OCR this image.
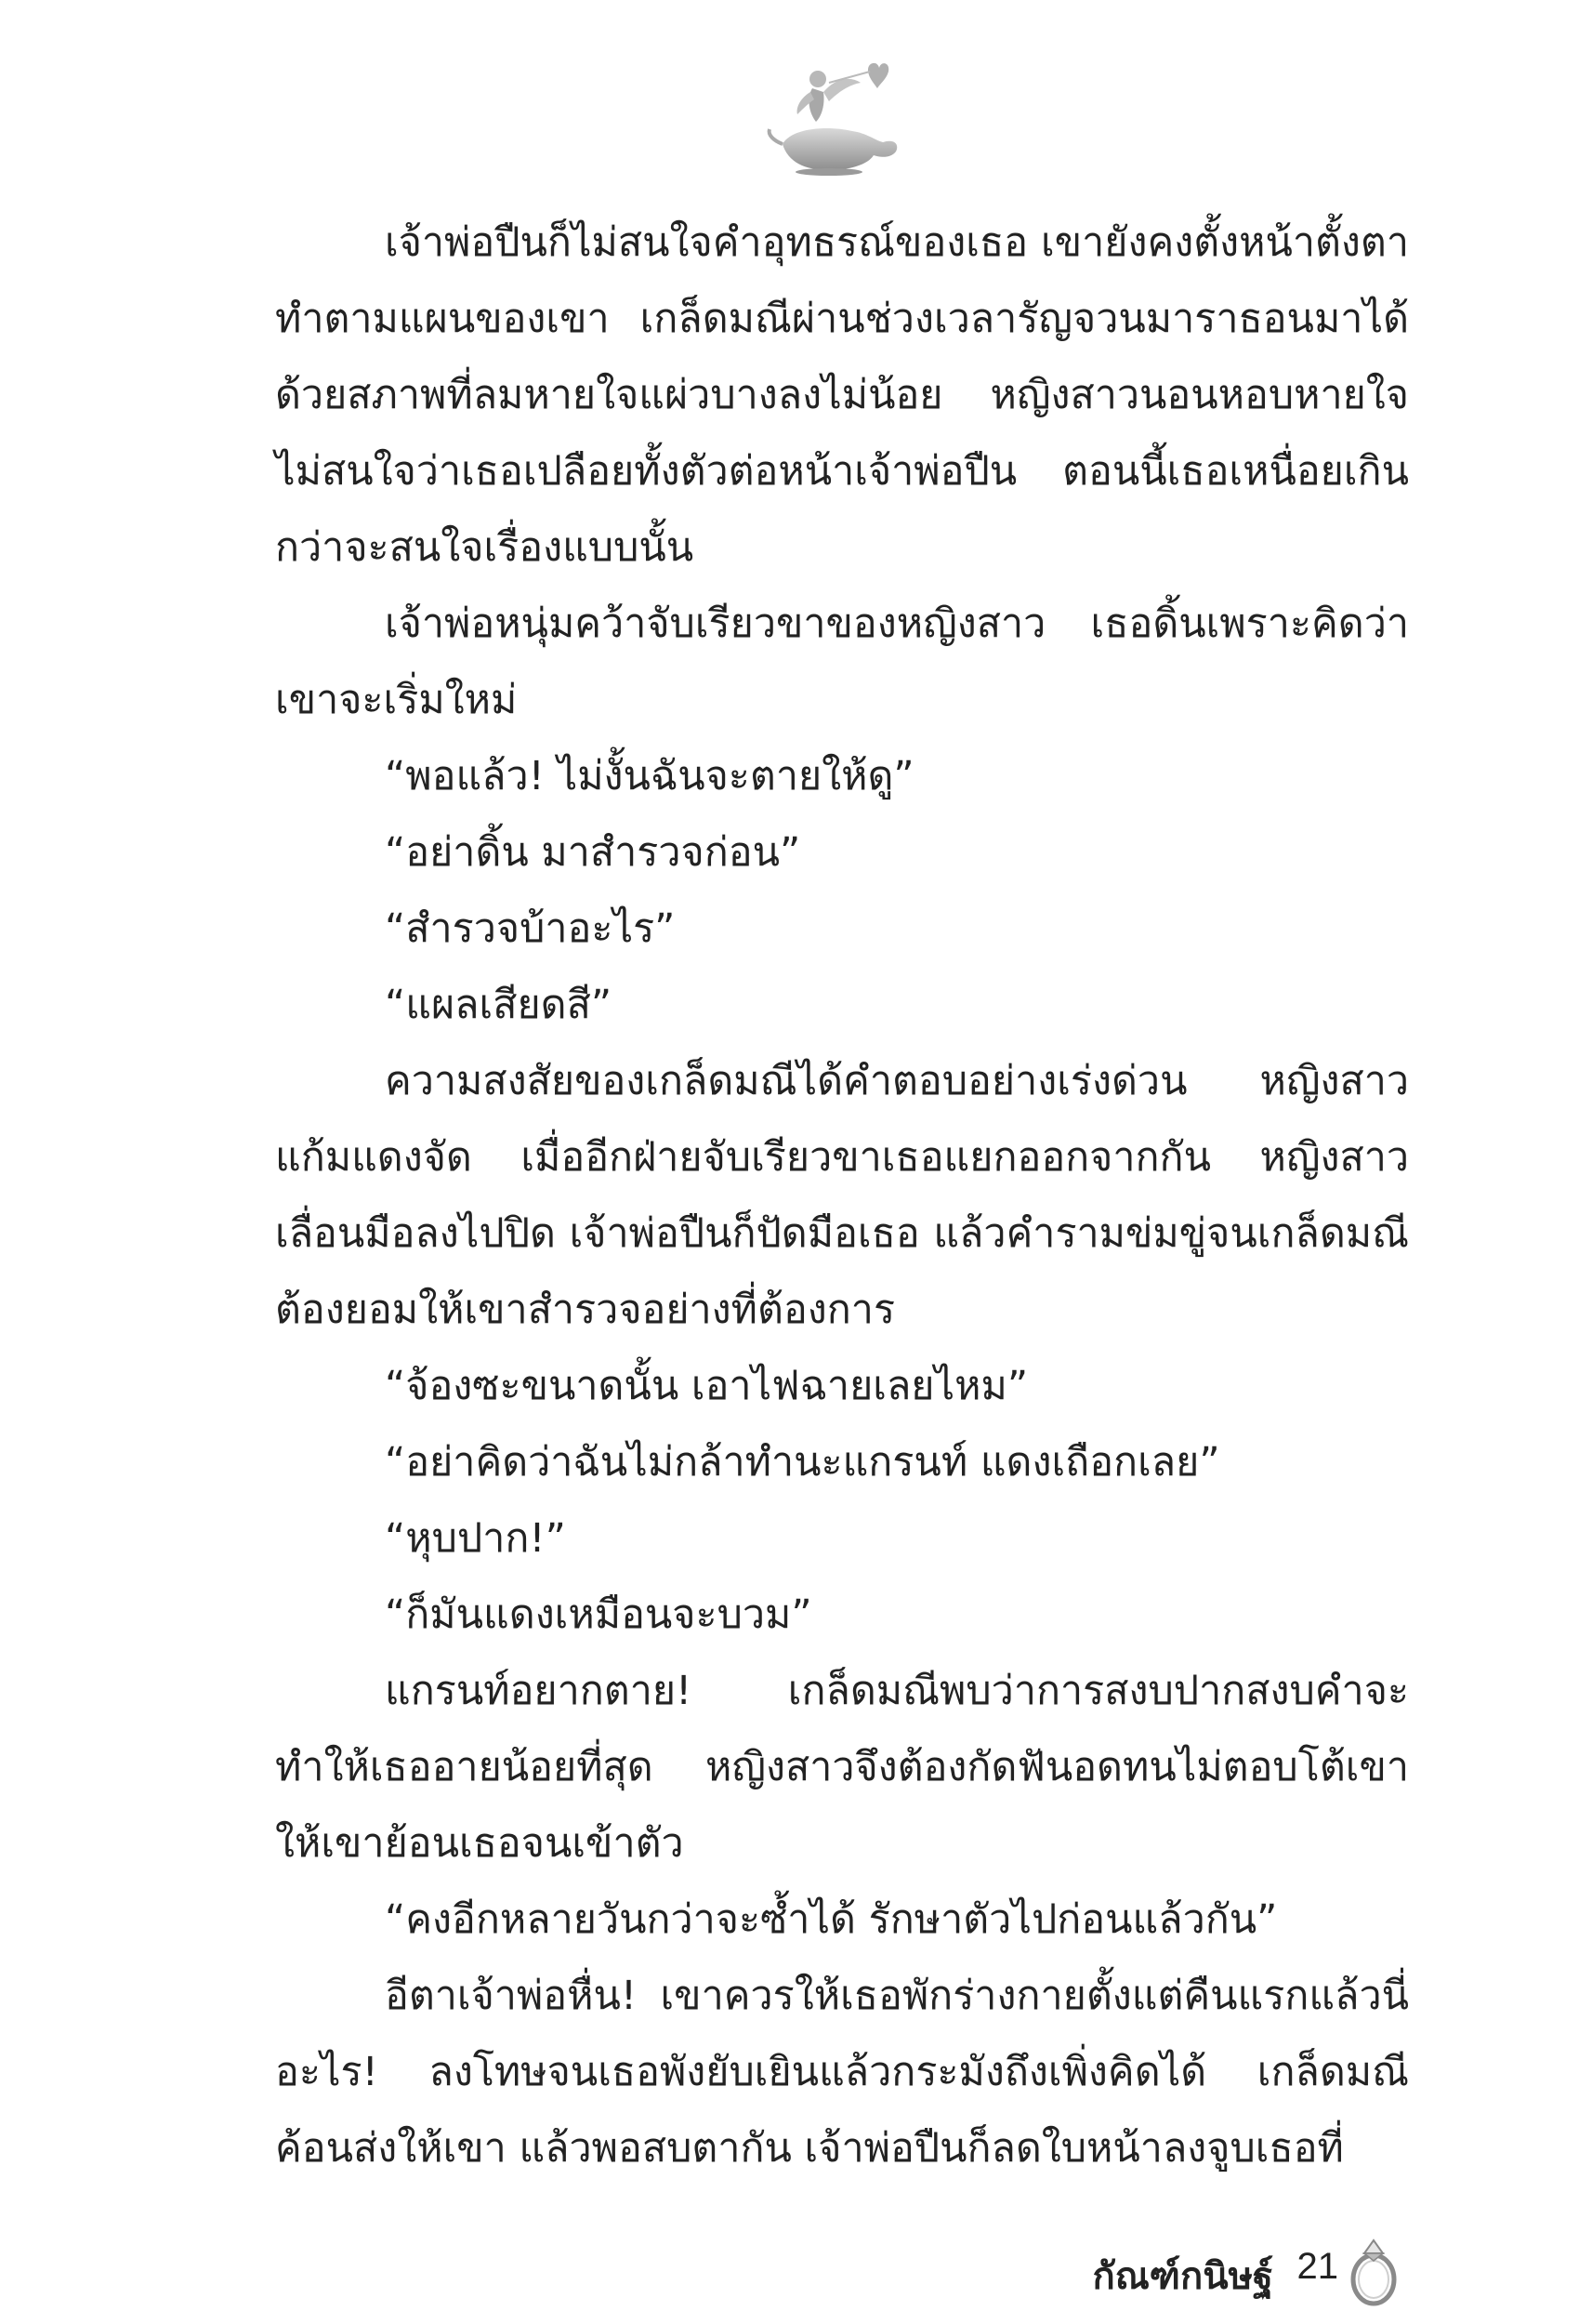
เจ้าพ่อปืนก็ไม่สนใจคำอุทธรณ์ของเธอ เขายังคงตั้งหน้าตั้งตาทำตามแผนของเขา เกล็ดมณีผ่านช่วงเวลารัญจวนมาราธอนมาได้ด้วยสภาพที่ลมหายใจแผ่วบางลงไม่น้อย หญิงสาวนอนหอบหายใจไม่สนใจว่าเธอเปลือยทั้งตัวต่อหน้าเจ้าพ่อปืน ตอนนี้เธอเหนื่อยเกินกว่าจะสนใจเรื่องแบบนั้น

เจ้าพ่อหนุ่มคว้าจับเรียวขาของหญิงสาว เธอดิ้นเพราะคิดว่าเขาจะเริ่มใหม่

“พอแล้ว! ไม่งั้นฉันจะตายให้ดู”

“อย่าดิ้น มาสำรวจก่อน”

“สำรวจบ้าอะไร”

“แผลเสียดสี”

ความสงสัยของเกล็ดมณีได้คำตอบอย่างเร่งด่วน หญิงสาวแก้มแดงจัด เมื่ออีกฝ่ายจับเรียวขาเธอแยกออกจากกัน หญิงสาวเลื่อนมือลงไปปิด เจ้าพ่อปืนก็ปัดมือเธอ แล้วคำรามข่มขู่จนเกล็ดมณีต้องยอมให้เขาสำรวจอย่างที่ต้องการ

“จ้องซะขนาดนั้น เอาไฟฉายเลยไหม”

“อย่าคิดว่าฉันไม่กล้าทำนะแกรนท์ แดงเถือกเลย”

“หุบปาก!”

“ก็มันแดงเหมือนจะบวม”

แกรนท์อยากตาย! เกล็ดมณีพบว่าการสงบปากสงบคำจะทำให้เธออายน้อยที่สุด หญิงสาวจึงต้องกัดฟันอดทนไม่ตอบโต้เขาให้เขาย้อนเธอจนเข้าตัว

“คงอีกหลายวันกว่าจะซ้ำได้ รักษาตัวไปก่อนแล้วกัน”

อีตาเจ้าพ่อหื่น! เขาควรให้เธอพักร่างกายตั้งแต่คืนแรกแล้วนี่อะไร! ลงโทษจนเธอพังยับเยินแล้วกระมังถึงเพิ่งคิดได้ เกล็ดมณีค้อนส่งให้เขา แล้วพอสบตากัน เจ้าพ่อปืนก็ลดใบหน้าลงจูบเธอที่

กัณฑ์กนิษฐ์ 21
